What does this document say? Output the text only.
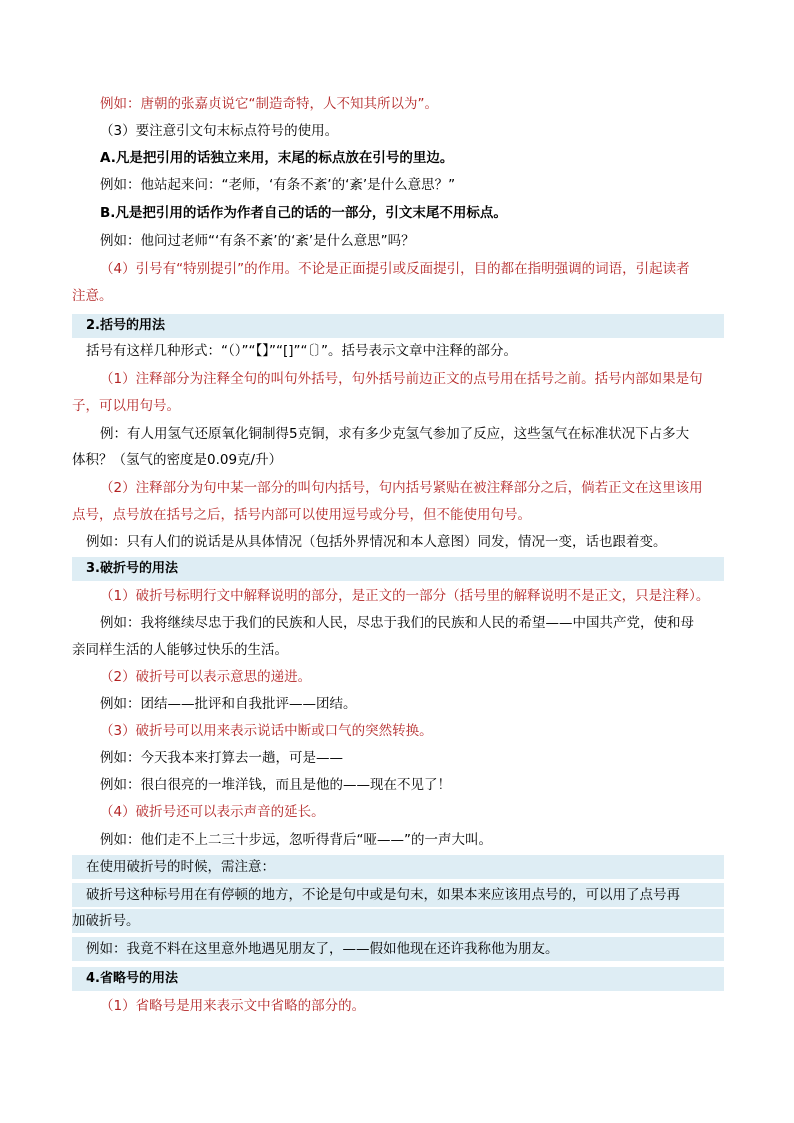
例如：唐朝的张嘉贞说它“制造奇特，人不知其所以为”。
（3）要注意引文句末标点符号的使用。
A.凡是把引用的话独立来用，末尾的标点放在引号的里边。
例如：他站起来问：“老师，‘有条不紊’的‘紊’是什么意思？”
B.凡是把引用的话作为作者自己的话的一部分，引文末尾不用标点。
例如：他问过老师“‘有条不紊’的‘紊’是什么意思”吗？
（4）引号有“特别提引”的作用。不论是正面提引或反面提引，目的都在指明强调的词语，引起读者
注意。
2.括号的用法
括号有这样几种形式：“（）”“【】”“[]”“〔〕”。括号表示文章中注释的部分。
（1）注释部分为注释全句的叫句外括号，句外括号前边正文的点号用在括号之前。括号内部如果是句
子，可以用句号。
例：有人用氢气还原氧化铜制得5克铜，求有多少克氢气参加了反应，这些氢气在标准状况下占多大
体积？（氢气的密度是0.09克/升）
（2）注释部分为句中某一部分的叫句内括号，句内括号紧贴在被注释部分之后，倘若正文在这里该用
点号，点号放在括号之后，括号内部可以使用逗号或分号，但不能使用句号。
例如：只有人们的说话是从具体情况（包括外界情况和本人意图）同发，情况一变，话也跟着变。
3.破折号的用法
（1）破折号标明行文中解释说明的部分，是正文的一部分（括号里的解释说明不是正文，只是注释）。
例如：我将继续尽忠于我们的民族和人民，尽忠于我们的民族和人民的希望——中国共产党，使和母
亲同样生活的人能够过快乐的生活。
（2）破折号可以表示意思的递进。
例如：团结——批评和自我批评——团结。
（3）破折号可以用来表示说话中断或口气的突然转换。
例如：今天我本来打算去一趟，可是——
例如：很白很亮的一堆洋钱，而且是他的——现在不见了！
（4）破折号还可以表示声音的延长。
例如：他们走不上二三十步远，忽听得背后“哑——”的一声大叫。
在使用破折号的时候，需注意：
破折号这种标号用在有停顿的地方，不论是句中或是句末，如果本来应该用点号的，可以用了点号再
加破折号。
例如：我竟不料在这里意外地遇见朋友了，——假如他现在还许我称他为朋友。
4.省略号的用法
（1）省略号是用来表示文中省略的部分的。
